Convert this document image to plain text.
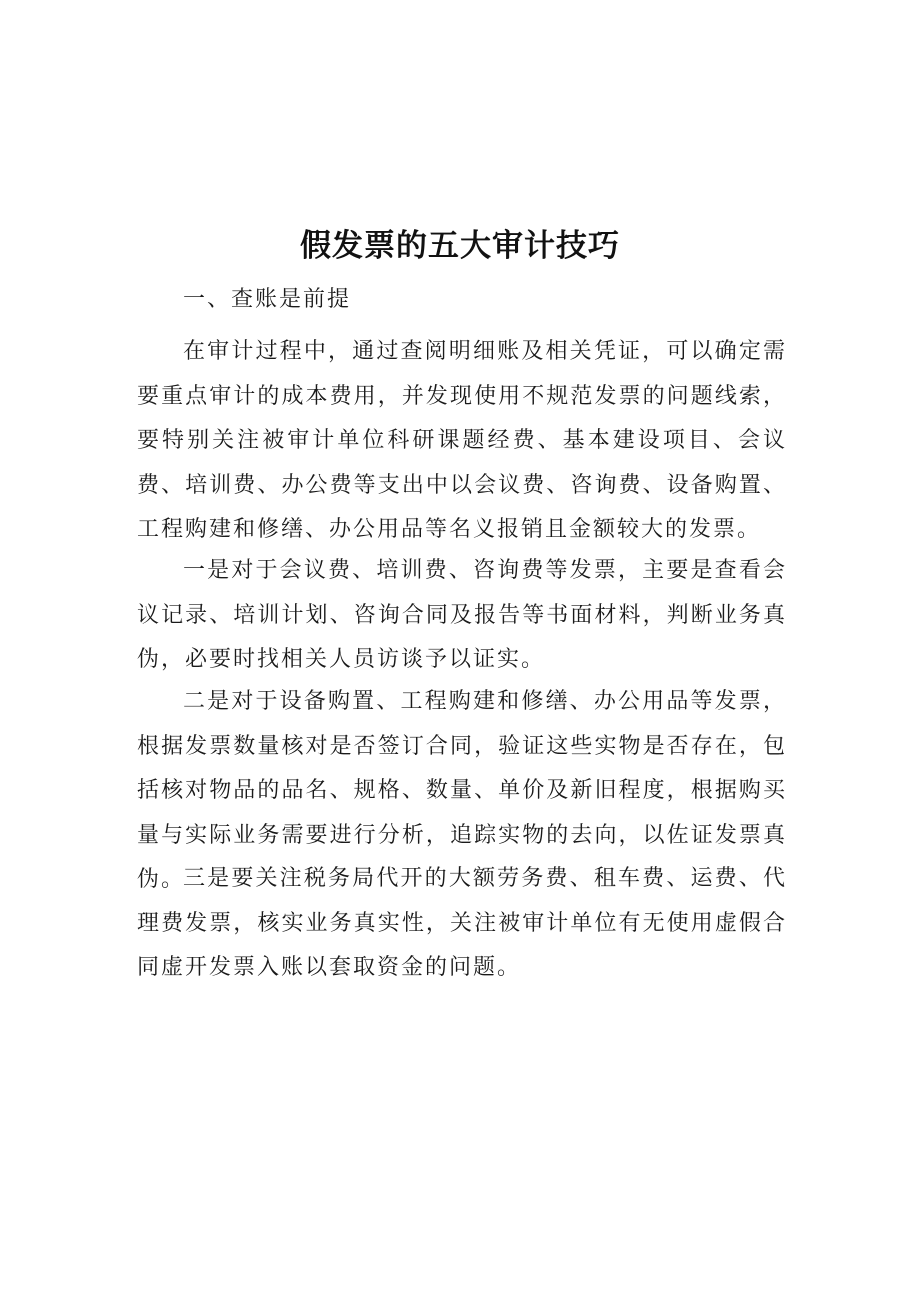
假发票的五大审计技巧

一、查账是前提

在审计过程中，通过查阅明细账及相关凭证，可以确定需要重点审计的成本费用，并发现使用不规范发票的问题线索，要特别关注被审计单位科研课题经费、基本建设项目、会议费、培训费、办公费等支出中以会议费、咨询费、设备购置、工程购建和修缮、办公用品等名义报销且金额较大的发票。

一是对于会议费、培训费、咨询费等发票，主要是查看会议记录、培训计划、咨询合同及报告等书面材料，判断业务真伪，必要时找相关人员访谈予以证实。

二是对于设备购置、工程购建和修缮、办公用品等发票，根据发票数量核对是否签订合同，验证这些实物是否存在，包括核对物品的品名、规格、数量、单价及新旧程度，根据购买量与实际业务需要进行分析，追踪实物的去向，以佐证发票真伪。

三是要关注税务局代开的大额劳务费、租车费、运费、代理费发票，核实业务真实性，关注被审计单位有无使用虚假合同虚开发票入账以套取资金的问题。
